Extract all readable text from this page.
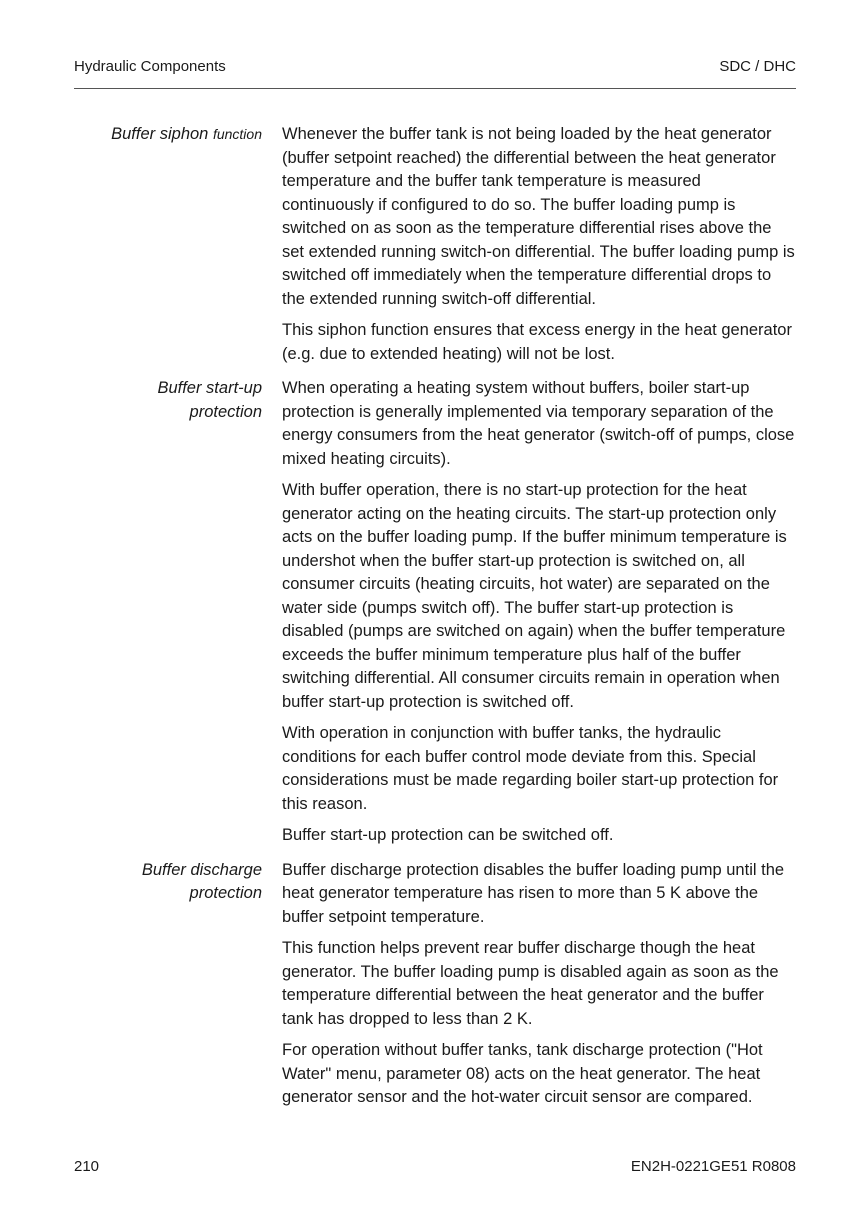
Hydraulic Components	SDC / DHC
Buffer siphon function Whenever the buffer tank is not being loaded by the heat generator (buffer setpoint reached) the differential between the heat generator temperature and the buffer tank temperature is measured continuously if configured to do so. The buffer loading pump is switched on as soon as the temperature differential rises above the set extended running switch-on differential. The buffer loading pump is switched off immediately when the temperature differential drops to the extended running switch-off differential.

This siphon function ensures that excess energy in the heat generator (e.g. due to extended heating) will not be lost.

Buffer start-up
protection

When operating a heating system without buffers, boiler start-up protection is generally implemented via temporary separation of the energy consumers from the heat generator (switch-off of pumps, close mixed heating circuits).

With buffer operation, there is no start-up protection for the heat generator acting on the heating circuits. The start-up protection only acts on the buffer loading pump. If the buffer minimum temperature is undershot when the buffer start-up protection is switched on, all consumer circuits (heating circuits, hot water) are separated on the water side (pumps switch off). The buffer start-up protection is disabled (pumps are switched on again) when the buffer temperature exceeds the buffer minimum temperature plus half of the buffer switching differential. All consumer circuits remain in operation when buffer start-up protection is switched off.

With operation in conjunction with buffer tanks, the hydraulic conditions for each buffer control mode deviate from this. Special considerations must be made regarding boiler start-up protection for this reason.

Buffer start-up protection can be switched off.

Buffer discharge
protection

Buffer discharge protection disables the buffer loading pump until the heat generator temperature has risen to more than 5 K above the buffer setpoint temperature.

This function helps prevent rear buffer discharge though the heat generator. The buffer loading pump is disabled again as soon as the temperature differential between the heat generator and the buffer tank has dropped to less than 2 K.

For operation without buffer tanks, tank discharge protection ("Hot Water" menu, parameter 08) acts on the heat generator. The heat generator sensor and the hot-water circuit sensor are compared.

210	EN2H-0221GE51 R0808
